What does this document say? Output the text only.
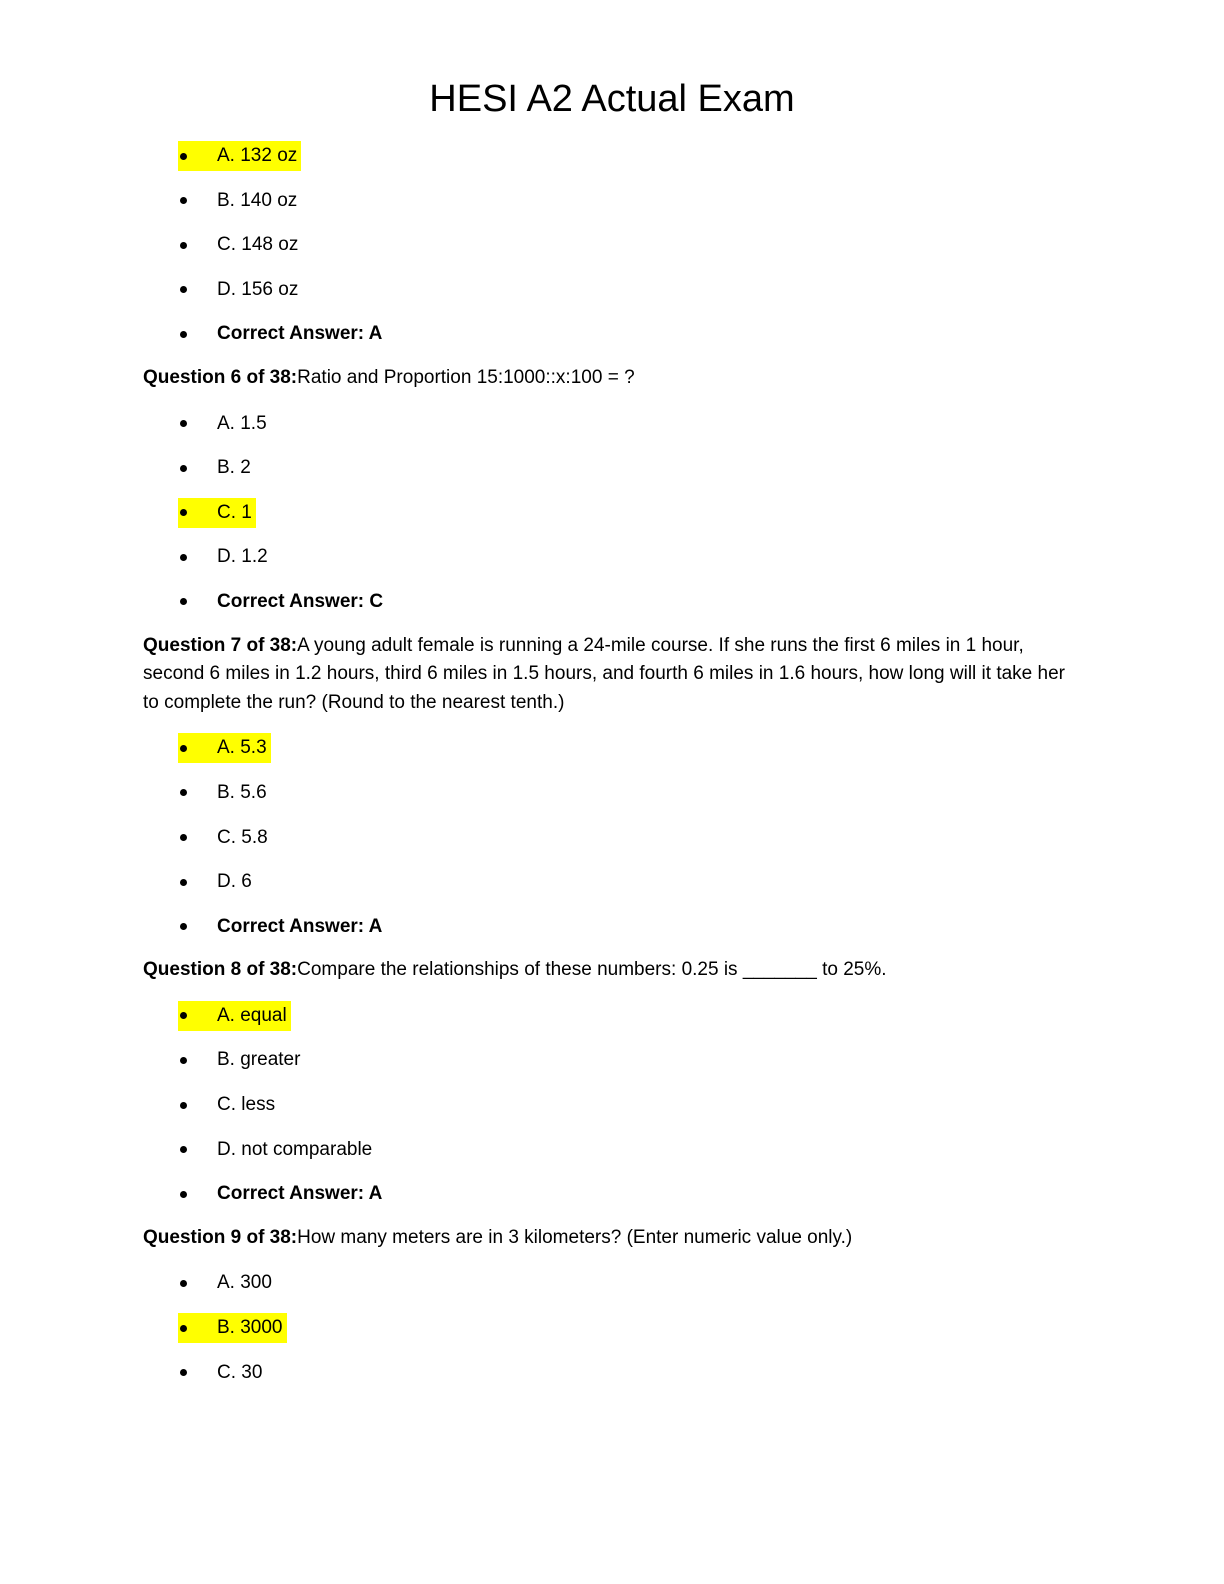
HESI A2 Actual Exam
A. 132 oz
B. 140 oz
C. 148 oz
D. 156 oz
Correct Answer: A

Question 6 of 38:Ratio and Proportion 15:1000::x:100 = ?

A. 1.5
B. 2
C. 1
D. 1.2
Correct Answer: C

Question 7 of 38:A young adult female is running a 24-mile course. If she runs the first 6 miles in 1 hour, second 6 miles in 1.2 hours, third 6 miles in 1.5 hours, and fourth 6 miles in 1.6 hours, how long will it take her to complete the run? (Round to the nearest tenth.)

A. 5.3
B. 5.6
C. 5.8
D. 6
Correct Answer: A

Question 8 of 38:Compare the relationships of these numbers: 0.25 is _______ to 25%.

A. equal
B. greater
C. less
D. not comparable
Correct Answer: A

Question 9 of 38:How many meters are in 3 kilometers? (Enter numeric value only.)

A. 300
B. 3000
C. 30
